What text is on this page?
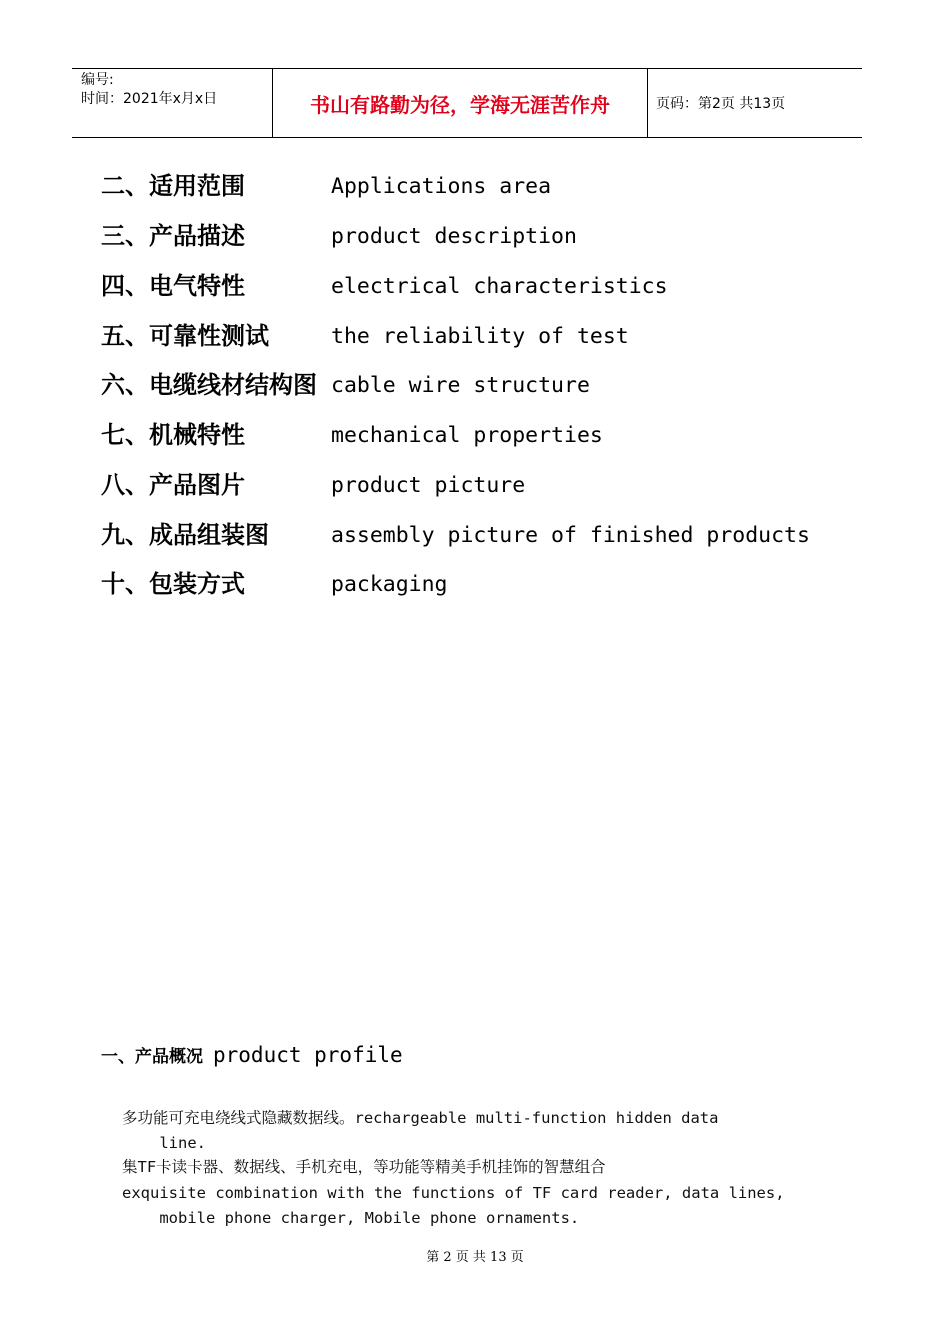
编号:
时间：2021年x月x日	书山有路勤为径，学海无涯苦作舟	页码：第2页 共13页
二、适用范围	Applications area
三、产品描述	product description
四、电气特性	electrical characteristics
五、可靠性测试	the reliability of test
六、电缆线材结构图 cable wire structure
七、机械特性	mechanical properties
八、产品图片	product picture
九、成品组装图	assembly picture of finished products
十、包装方式	packaging
一、产品概况 product profile
多功能可充电绕线式隐藏数据线。rechargeable multi-function hidden data
line.
集TF卡读卡器、数据线、手机充电，等功能等精美手机挂饰的智慧组合
exquisite combination with the functions of TF card reader, data lines,
mobile phone charger, Mobile phone ornaments.
第 2 页 共 13 页
